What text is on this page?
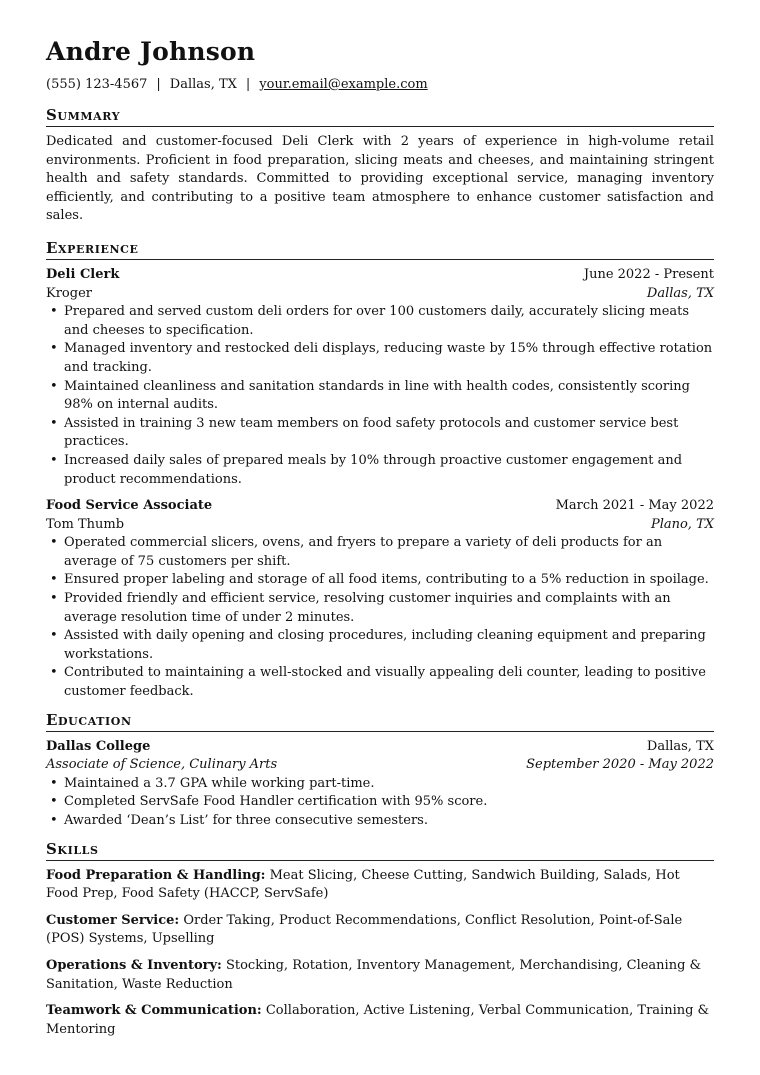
Andre Johnson
(555) 123-4567 | Dallas, TX | your.email@example.com
Summary
Dedicated and customer-focused Deli Clerk with 2 years of experience in high-volume retail environments. Proficient in food preparation, slicing meats and cheeses, and maintaining stringent health and safety standards. Committed to providing exceptional service, managing inventory efficiently, and contributing to a positive team atmosphere to enhance customer satisfaction and sales.
Experience
Deli Clerk	June 2022 - Present
Kroger	Dallas, TX
• Prepared and served custom deli orders for over 100 customers daily, accurately slicing meats and cheeses to specification.
• Managed inventory and restocked deli displays, reducing waste by 15% through effective rotation and tracking.
• Maintained cleanliness and sanitation standards in line with health codes, consistently scoring 98% on internal audits.
• Assisted in training 3 new team members on food safety protocols and customer service best practices.
• Increased daily sales of prepared meals by 10% through proactive customer engagement and product recommendations.
Food Service Associate	March 2021 - May 2022
Tom Thumb	Plano, TX
• Operated commercial slicers, ovens, and fryers to prepare a variety of deli products for an average of 75 customers per shift.
• Ensured proper labeling and storage of all food items, contributing to a 5% reduction in spoilage.
• Provided friendly and efficient service, resolving customer inquiries and complaints with an average resolution time of under 2 minutes.
• Assisted with daily opening and closing procedures, including cleaning equipment and preparing workstations.
• Contributed to maintaining a well-stocked and visually appealing deli counter, leading to positive customer feedback.
Education
Dallas College	Dallas, TX
Associate of Science, Culinary Arts	September 2020 - May 2022
• Maintained a 3.7 GPA while working part-time.
• Completed ServSafe Food Handler certification with 95% score.
• Awarded ‘Dean’s List’ for three consecutive semesters.
Skills
Food Preparation & Handling: Meat Slicing, Cheese Cutting, Sandwich Building, Salads, Hot Food Prep, Food Safety (HACCP, ServSafe)
Customer Service: Order Taking, Product Recommendations, Conflict Resolution, Point-of-Sale (POS) Systems, Upselling
Operations & Inventory: Stocking, Rotation, Inventory Management, Merchandising, Cleaning & Sanitation, Waste Reduction
Teamwork & Communication: Collaboration, Active Listening, Verbal Communication, Training & Mentoring
